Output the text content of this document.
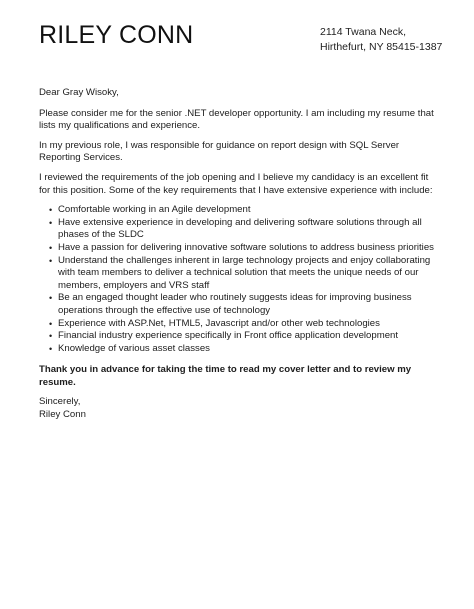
RILEY CONN	2114 Twana Neck,
Hirthefurt, NY 85415-1387

Dear Gray Wisoky,

Please consider me for the senior .NET developer opportunity. I am including my resume that lists my qualifications and experience.

In my previous role, I was responsible for guidance on report design with SQL Server Reporting Services.

I reviewed the requirements of the job opening and I believe my candidacy is an excellent fit for this position. Some of the key requirements that I have extensive experience with include:

• Comfortable working in an Agile development
• Have extensive experience in developing and delivering software solutions through all phases of the SLDC
• Have a passion for delivering innovative software solutions to address business priorities
• Understand the challenges inherent in large technology projects and enjoy collaborating with team members to deliver a technical solution that meets the unique needs of our members, employers and VRS staff
• Be an engaged thought leader who routinely suggests ideas for improving business operations through the effective use of technology
• Experience with ASP.Net, HTML5, Javascript and/or other web technologies
• Financial industry experience specifically in Front office application development
• Knowledge of various asset classes

Thank you in advance for taking the time to read my cover letter and to review my resume.

Sincerely,
Riley Conn
